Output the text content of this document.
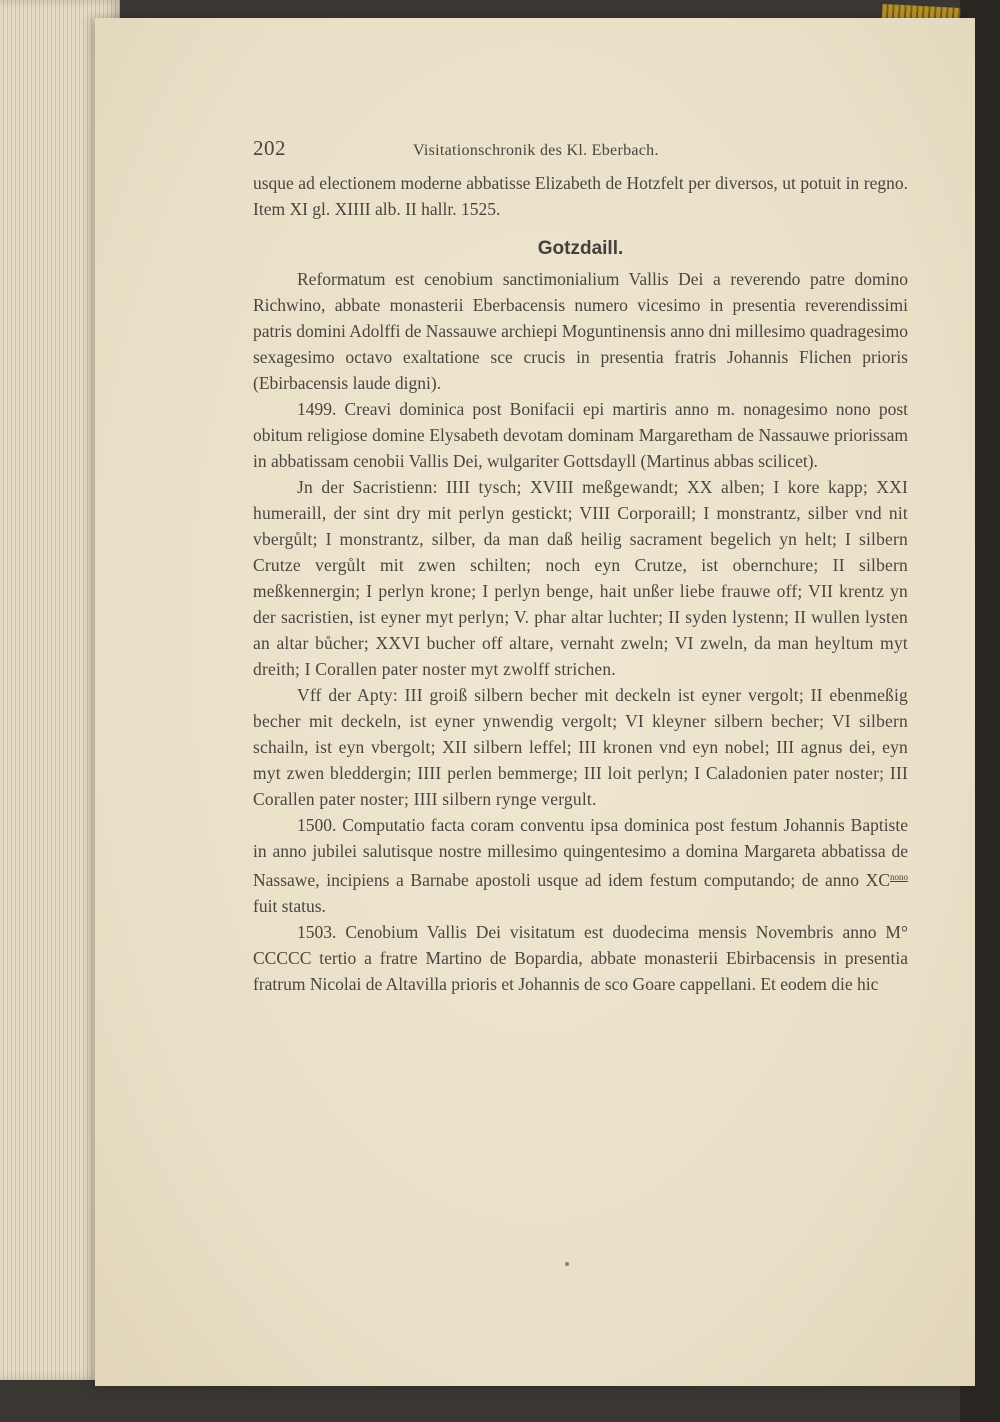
202	Visitationschronik des Kl. Eberbach.

usque ad electionem moderne abbatisse Elizabeth de Hotzfelt per diversos, ut potuit in regno. Item XI gl. XIIII alb. II hallr. 1525.

Gotzdaill.

Reformatum est cenobium sanctimonialium Vallis Dei a reverendo patre domino Richwino, abbate monasterii Eberbacensis numero vicesimo in presentia reverendissimi patris domini Adolffi de Nassauwe archiepi Moguntinensis anno dni millesimo quadragesimo sexagesimo octavo exaltatione sce crucis in presentia fratris Johannis Flichen prioris (Ebirbacensis laude digni).

1499. Creavi dominica post Bonifacii epi martiris anno m. nonagesimo nono post obitum religiose domine Elysabeth devotam dominam Margaretham de Nassauwe priorissam in abbatissam cenobii Vallis Dei, wulgariter Gottsdayll (Martinus abbas scilicet).

Jn der Sacristienn: IIII tysch; XVIII meßgewandt; XX alben; I kore kapp; XXI humeraill, der sint dry mit perlyn gestickt; VIII Corporaill; I monstrantz, silber vnd nit vbergůlt; I monstrantz, silber, da man daß heilig sacrament begelich yn helt; I silbern Crutze vergůlt mit zwen schilten; noch eyn Crutze, ist obernchure; II silbern meßkennergin; I perlyn krone; I perlyn benge, hait unßer liebe frauwe off; VII krentz yn der sacristien, ist eyner myt perlyn; V. phar altar luchter; II syden lystenn; II wullen lysten an altar bůcher; XXVI bucher off altare, vernaht zweln; VI zweln, da man heyltum myt dreith; I Corallen pater noster myt zwolff strichen.

Vff der Apty: III groiß silbern becher mit deckeln ist eyner vergolt; II ebenmeßig becher mit deckeln, ist eyner ynwendig vergolt; VI kleyner silbern becher; VI silbern schailn, ist eyn vbergolt; XII silbern leffel; III kronen vnd eyn nobel; III agnus dei, eyn myt zwen bleddergin; IIII perlen bemmerge; III loit perlyn; I Caladonien pater noster; III Corallen pater noster; IIII silbern rynge vergult.

1500. Computatio facta coram conventu ipsa dominica post festum Johannis Baptiste in anno jubilei salutisque nostre millesimo quingentesimo a domina Margareta abbatissa de Nassawe, incipiens a Barnabe apostoli usque ad idem festum computando; de anno $XC^{nono}$ fuit status.

1503. Cenobium Vallis Dei visitatum est duodecima mensis Novembris anno M° CCCCC tertio a fratre Martino de Bopardia, abbate monasterii Ebirbacensis in presentia fratrum Nicolai de Altavilla prioris et Johannis de sco Goare cappellani. Et eodem die hic
